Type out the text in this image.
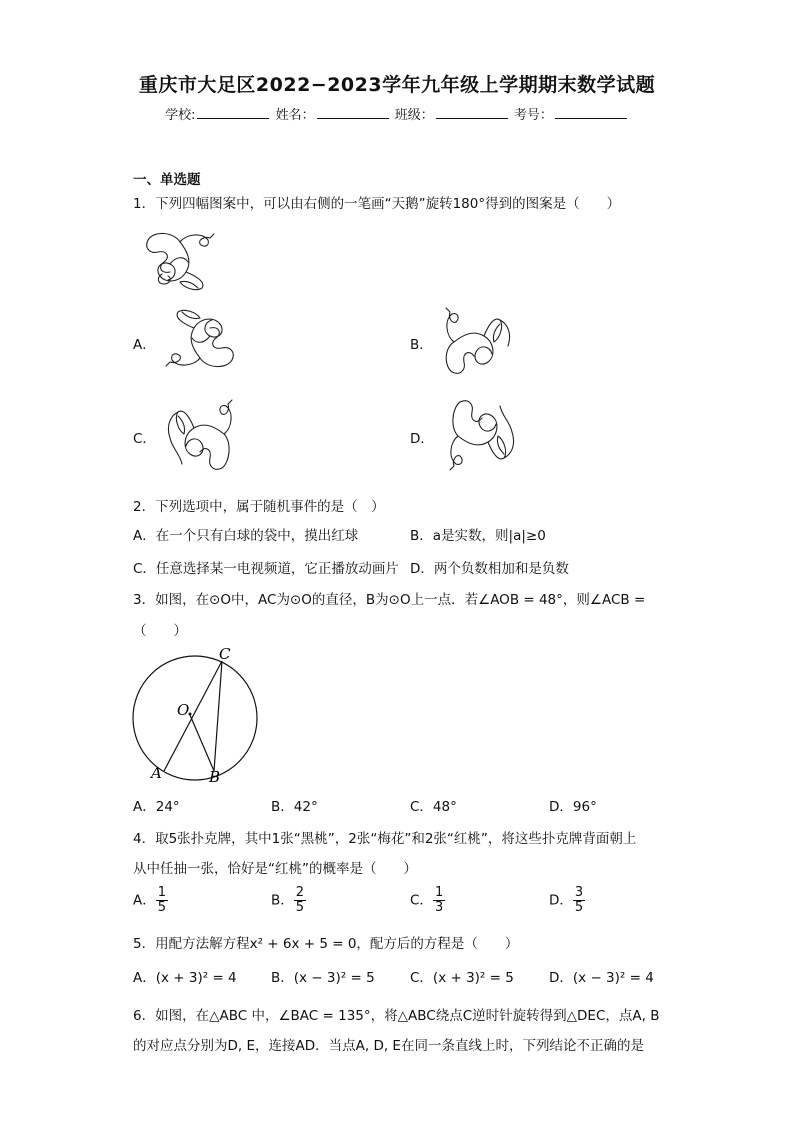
重庆市大足区2022−2023学年九年级上学期期末数学试题
学校:	姓名：	班级：	考号：
一、单选题
1．下列四幅图案中，可以由右侧的一笔画“天鹅”旋转180°得到的图案是（　　）
A．	B．
C．	D．
2．下列选项中，属于随机事件的是（　）
A．在一个只有白球的袋中，摸出红球	B．a是实数，则|a|≥0
C．任意选择某一电视频道，它正播放动画片 D．两个负数相加和是负数
3．如图，在⊙O中，AC为⊙O的直径，B为⊙O上一点．若∠AOB = 48°，则∠ACB =
（　　）
C
O
A	B
A．24°	B．42°	C．48°	D．96°
4．取5张扑克牌，其中1张“黑桃”，2张“梅花”和2张“红桃”，将这些扑克牌背面朝上
从中任抽一张，恰好是“红桃”的概率是（　　）
A． $\frac{1}{5}$	B． $\frac{2}{5}$	C． $\frac{1}{3}$	D． $\frac{3}{5}$
5．用配方法解方程x² + 6x + 5 = 0，配方后的方程是（　　）
A．(x + 3)² = 4	B．(x − 3)² = 5	C．(x + 3)² = 5	D．(x − 3)² = 4
6．如图，在△ABC 中，∠BAC = 135°，将△ABC绕点C逆时针旋转得到△DEC，点A, B
的对应点分别为D, E，连接AD．当点A, D, E在同一条直线上时，下列结论不正确的是
